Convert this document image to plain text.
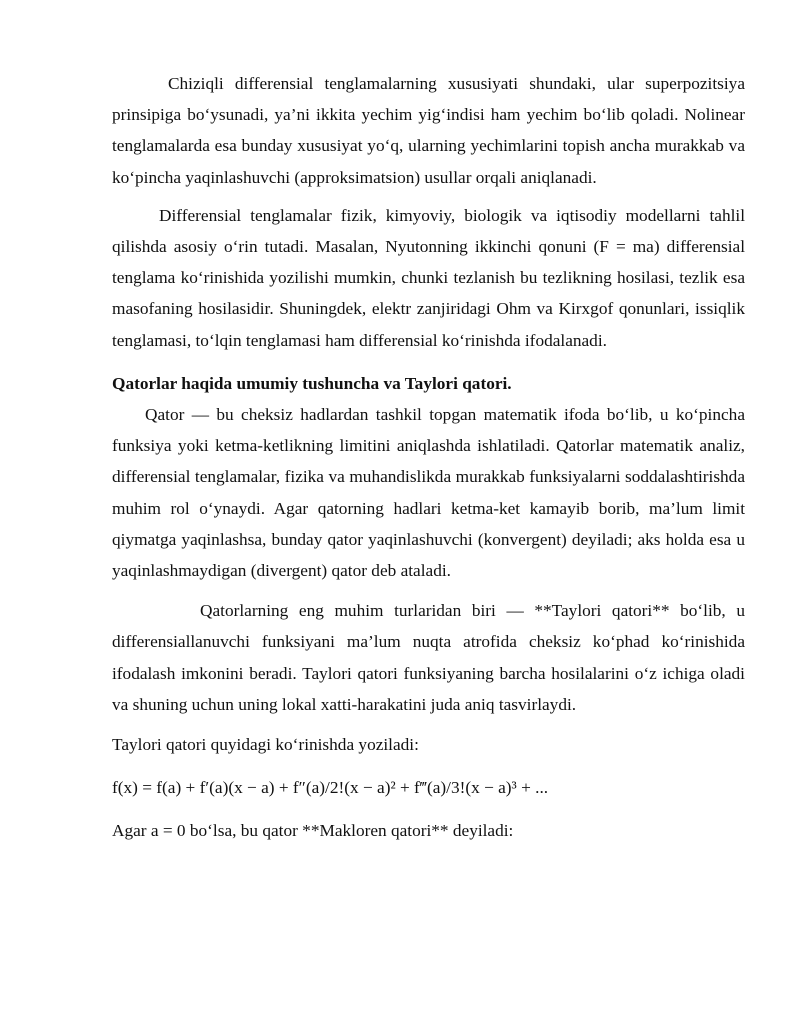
Chiziqli differensial tenglamalarning xususiyati shundaki, ular superpozitsiya prinsipiga bo‘ysunadi, ya’ni ikkita yechim yig‘indisi ham yechim bo‘lib qoladi. Nolinear tenglamalarda esa bunday xususiyat yo‘q, ularning yechimlarini topish ancha murakkab va ko‘pincha yaqinlashuvchi (approksimatsion) usullar orqali aniqlanadi.

Differensial tenglamalar fizik, kimyoviy, biologik va iqtisodiy modellarni tahlil qilishda asosiy o‘rin tutadi. Masalan, Nyutonning ikkinchi qonuni (F = ma) differensial tenglama ko‘rinishida yozilishi mumkin, chunki tezlanish bu tezlikning hosilasi, tezlik esa masofaning hosilasidir. Shuningdek, elektr zanjiridagi Ohm va Kirxgof qonunlari, issiqlik tenglamasi, to‘lqin tenglamasi ham differensial ko‘rinishda ifodalanadi.

Qatorlar haqida umumiy tushuncha va Taylori qatori.

Qator — bu cheksiz hadlardan tashkil topgan matematik ifoda bo‘lib, u ko‘pincha funksiya yoki ketma-ketlikning limitini aniqlashda ishlatiladi. Qatorlar matematik analiz, differensial tenglamalar, fizika va muhandislikda murakkab funksiyalarni soddalashtirishda muhim rol o‘ynaydi. Agar qatorning hadlari ketma-ket kamayib borib, ma’lum limit qiymatga yaqinlashsa, bunday qator yaqinlashuvchi (konvergent) deyiladi; aks holda esa u yaqinlashmaydigan (divergent) qator deb ataladi.

Qatorlarning eng muhim turlaridan biri — **Taylori qatori** bo‘lib, u differensiallanuvchi funksiyani ma’lum nuqta atrofida cheksiz ko‘phad ko‘rinishida ifodalash imkonini beradi. Taylori qatori funksiyaning barcha hosilalarini o‘z ichiga oladi va shuning uchun uning lokal xatti-harakatini juda aniq tasvirlaydi.

Taylori qatori quyidagi ko‘rinishda yoziladi:

f(x) = f(a) + f′(a)(x − a) + f″(a)/2!(x − a)² + f‴(a)/3!(x − a)³ + ...

Agar a = 0 bo‘lsa, bu qator **Makloren qatori** deyiladi:
